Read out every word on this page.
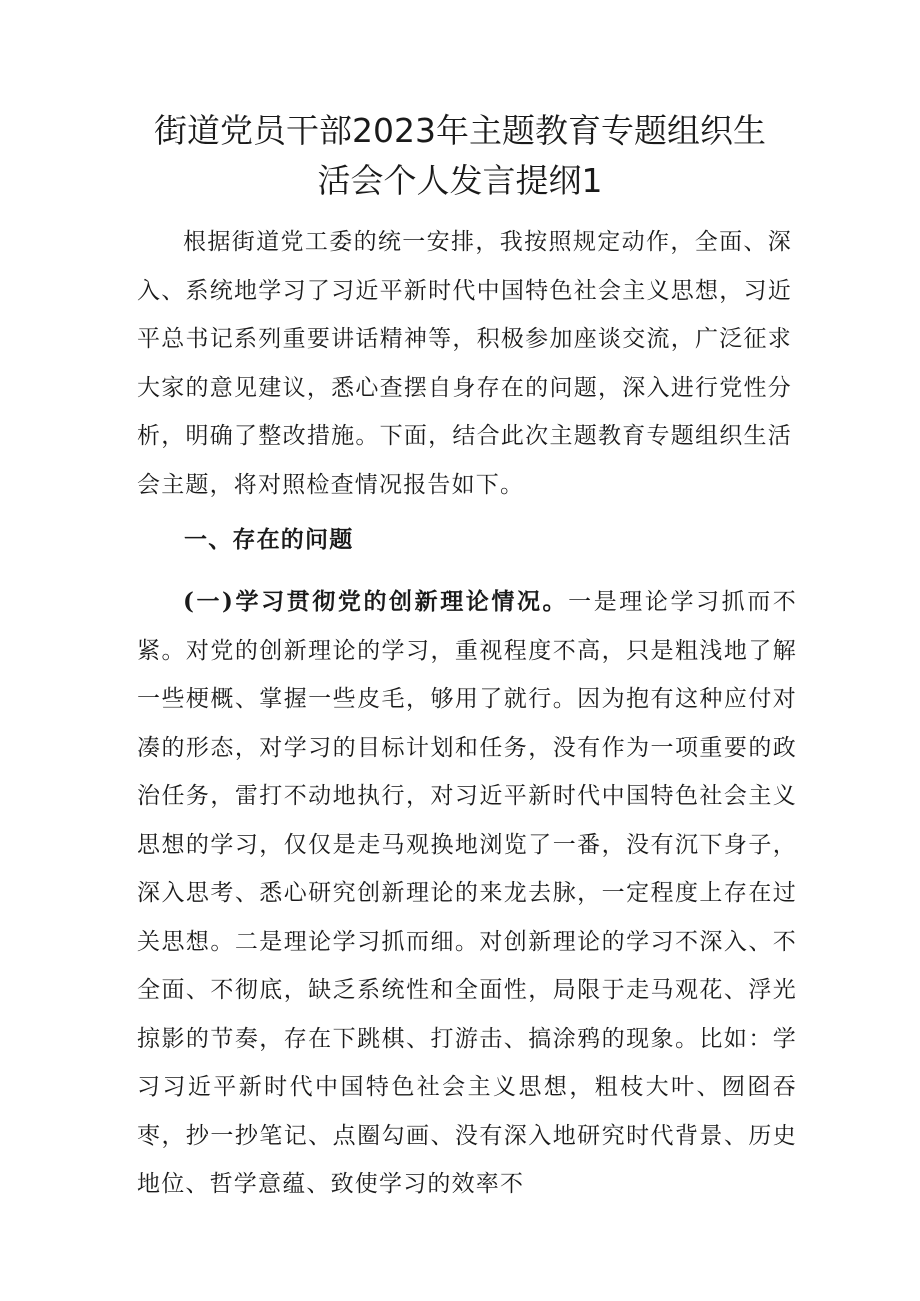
街道党员干部2023年主题教育专题组织生
活会个人发言提纲1

根据街道党工委的统一安排，我按照规定动作，全面、深入、系统地学习了习近平新时代中国特色社会主义思想，习近平总书记系列重要讲话精神等，积极参加座谈交流，广泛征求大家的意见建议，悉心查摆自身存在的问题，深入进行党性分析，明确了整改措施。下面，结合此次主题教育专题组织生活会主题，将对照检查情况报告如下。

一、存在的问题

(一)学习贯彻党的创新理论情况。一是理论学习抓而不紧。对党的创新理论的学习，重视程度不高，只是粗浅地了解一些梗概、掌握一些皮毛，够用了就行。因为抱有这种应付对凑的形态，对学习的目标计划和任务，没有作为一项重要的政治任务，雷打不动地执行，对习近平新时代中国特色社会主义思想的学习，仅仅是走马观换地浏览了一番，没有沉下身子，深入思考、悉心研究创新理论的来龙去脉，一定程度上存在过关思想。二是理论学习抓而细。对创新理论的学习不深入、不全面、不彻底，缺乏系统性和全面性，局限于走马观花、浮光掠影的节奏，存在下跳棋、打游击、搞涂鸦的现象。比如：学习习近平新时代中国特色社会主义思想，粗枝大叶、囫囵吞枣，抄一抄笔记、点圈勾画、没有深入地研究时代背景、历史地位、哲学意蕴、致使学习的效率不
